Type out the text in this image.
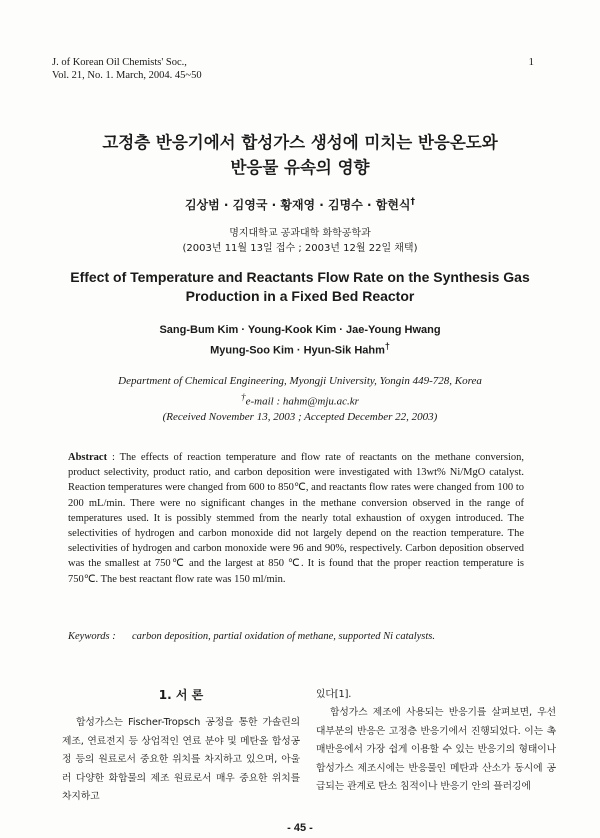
J. of Korean Oil Chemists' Soc.,
Vol. 21, No. 1. March, 2004. 45~50
1
고정층 반응기에서 합성가스 생성에 미치는 반응온도와
반응물 유속의 영향
김상범 · 김영국 · 황재영 · 김명수 · 함현식†
명지대학교 공과대학 화학공학과
(2003년 11월 13일 접수 ; 2003년 12월 22일 채택)
Effect of Temperature and Reactants Flow Rate on the Synthesis Gas
Production in a Fixed Bed Reactor
Sang-Bum Kim · Young-Kook Kim · Jae-Young Hwang
Myung-Soo Kim · Hyun-Sik Hahm†
Department of Chemical Engineering, Myongji University, Yongin 449-728, Korea
†e-mail : hahm@mju.ac.kr
(Received November 13, 2003 ; Accepted December 22, 2003)
Abstract : The effects of reaction temperature and flow rate of reactants on the methane conversion, product selectivity, product ratio, and carbon deposition were investigated with 13wt% Ni/MgO catalyst. Reaction temperatures were changed from 600 to 850℃, and reactants flow rates were changed from 100 to 200 mL/min. There were no significant changes in the methane conversion observed in the range of temperatures used. It is possibly stemmed from the nearly total exhaustion of oxygen introduced. The selectivities of hydrogen and carbon monoxide did not largely depend on the reaction temperature. The selectivities of hydrogen and carbon monoxide were 96 and 90%, respectively. Carbon deposition observed was the smallest at 750℃ and the largest at 850 ℃. It is found that the proper reaction temperature is 750℃. The best reactant flow rate was 150 ml/min.
Keywords : carbon deposition, partial oxidation of methane, supported Ni catalysts.
1. 서 론
합성가스는 Fischer-Tropsch 공정을 통한 가솔린의 제조, 연료전지 등 상업적인 연료 분야 및 메탄올 합성공정 등의 원료로서 중요한 위치를 차지하고 있으며, 아울러 다양한 화합물의 제조 원료로서 매우 중요한 위치를 차지하고
있다[1].
합성가스 제조에 사용되는 반응기를 살펴보면, 우선 대부분의 반응은 고정층 반응기에서 진행되었다. 이는 촉매반응에서 가장 쉽게 이용할 수 있는 반응기의 형태이나 합성가스 제조시에는 반응물인 메탄과 산소가 동시에 공급되는 관계로 탄소 침적이나 반응기 안의 플러깅에
- 45 -
